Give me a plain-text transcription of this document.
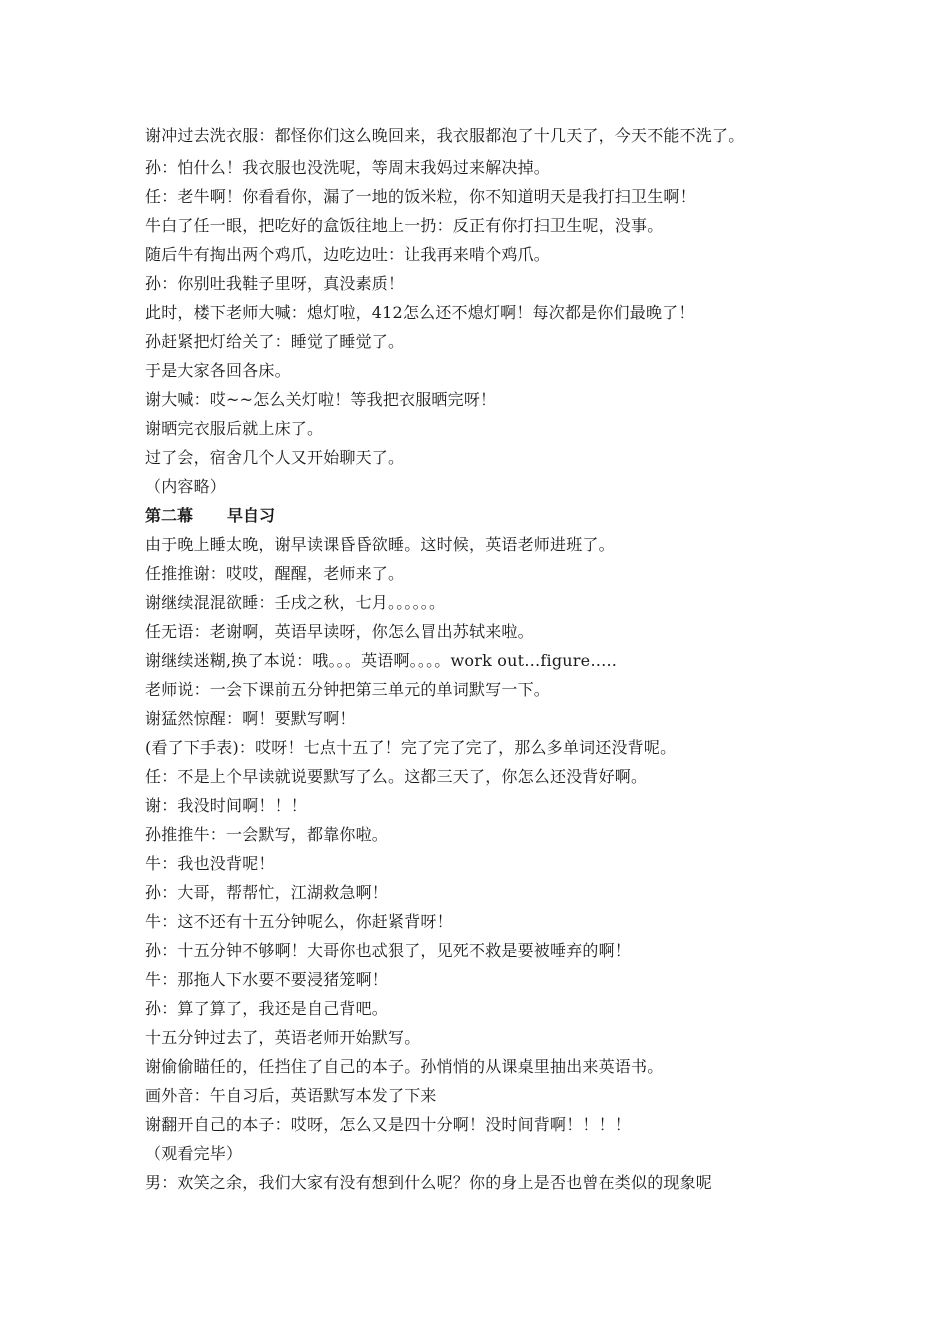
谢冲过去洗衣服：都怪你们这么晚回来，我衣服都泡了十几天了，今天不能不洗了。
孙：怕什么！我衣服也没洗呢，等周末我妈过来解决掉。
任：老牛啊！你看看你，漏了一地的饭米粒，你不知道明天是我打扫卫生啊！
牛白了任一眼，把吃好的盒饭往地上一扔：反正有你打扫卫生呢，没事。
随后牛有掏出两个鸡爪，边吃边吐：让我再来啃个鸡爪。
孙：你别吐我鞋子里呀，真没素质！
此时，楼下老师大喊：熄灯啦，412怎么还不熄灯啊！每次都是你们最晚了！
孙赶紧把灯给关了：睡觉了睡觉了。
于是大家各回各床。
谢大喊：哎~~怎么关灯啦！等我把衣服晒完呀！
谢晒完衣服后就上床了。
过了会，宿舍几个人又开始聊天了。
（内容略）
第二幕 早自习
由于晚上睡太晚，谢早读课昏昏欲睡。这时候，英语老师进班了。
任推推谢：哎哎，醒醒，老师来了。
谢继续混混欲睡：壬戌之秋，七月。。。。。。
任无语：老谢啊，英语早读呀，你怎么冒出苏轼来啦。
谢继续迷糊,换了本说：哦。。。英语啊。。。。work out…figure…..
老师说：一会下课前五分钟把第三单元的单词默写一下。
谢猛然惊醒：啊！要默写啊！
(看了下手表)：哎呀！七点十五了！完了完了完了，那么多单词还没背呢。
任：不是上个早读就说要默写了么。这都三天了，你怎么还没背好啊。
谢：我没时间啊！！！
孙推推牛：一会默写，都靠你啦。
牛：我也没背呢！
孙：大哥，帮帮忙，江湖救急啊！
牛：这不还有十五分钟呢么，你赶紧背呀！
孙：十五分钟不够啊！大哥你也忒狠了，见死不救是要被唾弃的啊！
牛：那拖人下水要不要浸猪笼啊！
孙：算了算了，我还是自己背吧。
十五分钟过去了，英语老师开始默写。
谢偷偷瞄任的，任挡住了自己的本子。孙悄悄的从课桌里抽出来英语书。
画外音：午自习后，英语默写本发了下来
谢翻开自己的本子：哎呀，怎么又是四十分啊！没时间背啊！！！！
（观看完毕）
男：欢笑之余，我们大家有没有想到什么呢？你的身上是否也曾在类似的现象呢
